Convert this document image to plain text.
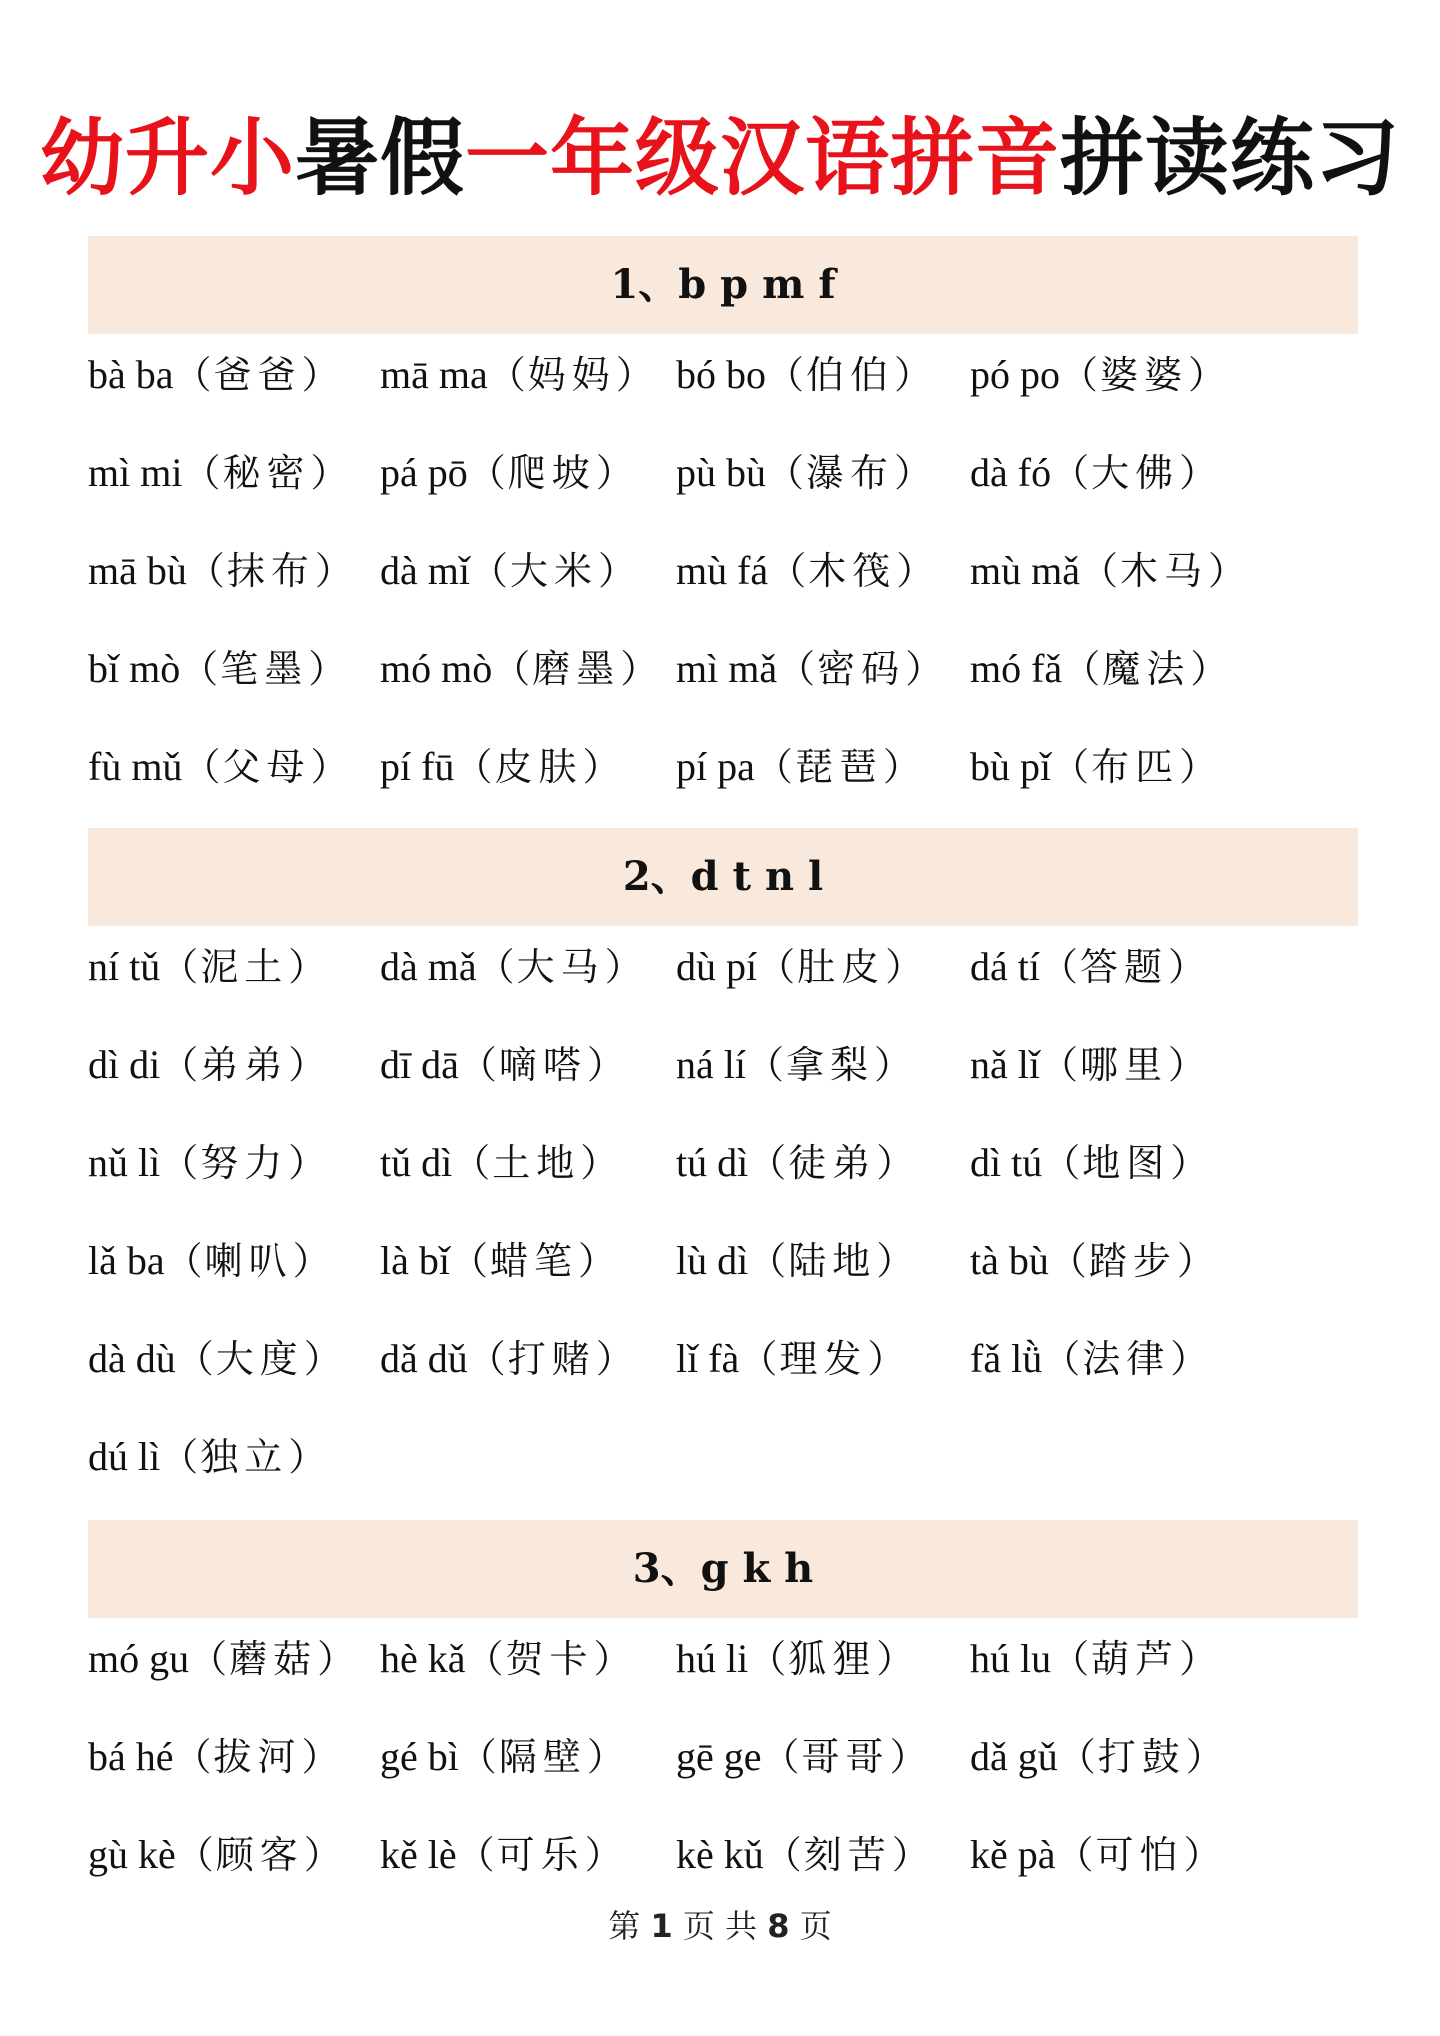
幼升小暑假一年级汉语拼音拼读练习
1、b p m f
bà ba（爸爸） mā ma（妈妈） bó bo（伯伯） pó po（婆婆）
mì mi（秘密） pá pō（爬坡） pù bù（瀑布） dà fó（大佛）
mā bù（抹布） dà mǐ（大米） mù fá（木筏） mù mǎ（木马）
bǐ mò（笔墨） mó mò（磨墨） mì mǎ（密码） mó fǎ（魔法）
fù mǔ（父母） pí fū（皮肤） pí pa（琵琶） bù pǐ（布匹）
2、d t n l
ní tǔ（泥土） dà mǎ（大马） dù pí（肚皮） dá tí（答题）
dì di（弟弟） dī dā（嘀嗒） ná lí（拿梨） nǎ lǐ（哪里）
nǔ lì（努力） tǔ dì（土地） tú dì（徒弟） dì tú（地图）
lǎ ba（喇叭） là bǐ（蜡笔） lù dì（陆地） tà bù（踏步）
dà dù（大度） dǎ dǔ（打赌） lǐ fà（理发） fǎ lǜ（法律）
dú lì（独立）
3、g k h
mó gu（蘑菇） hè kǎ（贺卡） hú li（狐狸） hú lu（葫芦）
bá hé（拔河） gé bì（隔壁） gē ge（哥哥） dǎ gǔ（打鼓）
gù kè（顾客） kě lè（可乐） kè kǔ（刻苦） kě pà（可怕）
第 1 页 共 8 页
